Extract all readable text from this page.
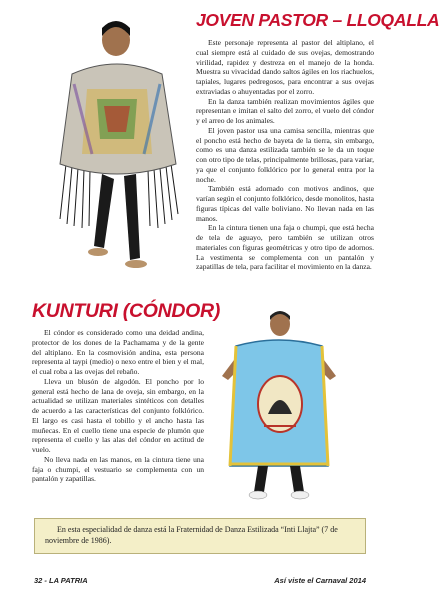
JOVEN PASTOR – LLOQALLA

Este personaje representa al pastor del altiplano, el cual siempre está al cuidado de sus ovejas, demostrando virilidad, rapidez y destreza en el manejo de la honda. Muestra su vivacidad dando saltos ágiles en los riachuelos, tapiales, lugares pedregosos, para encontrar a sus ovejas extraviadas o ahuyentadas por el zorro.

En la danza también realizan movimientos ágiles que representan e imitan el salto del zorro, el vuelo del cóndor y el arreo de los animales.

El joven pastor usa una camisa sencilla, mientras que el poncho está hecho de bayeta de la tierra, sin embargo, como es una danza estilizada también se le da un toque con otro tipo de telas, principalmente brillosas, para variar, ya que el conjunto folklórico por lo general entra por la noche.

También está adornado con motivos andinos, que varían según el conjunto folklórico, desde monolitos, hasta figuras típicas del valle boliviano. No llevan nada en las manos.

En la cintura tienen una faja o chumpi, que está hecha de tela de aguayo, pero también se utilizan otros materiales con figuras geométricas y otro tipo de adornos. La vestimenta se complementa con un pantalón y zapatillas de tela, para facilitar el movimiento en la danza.

KUNTURI (CÓNDOR)

El cóndor es considerado como una deidad andina, protector de los dones de la Pachamama y de la gente del altiplano. En la cosmovisión andina, esta persona representa al taypi (medio) o nexo entre el bien y el mal, el cual roba a las ovejas del rebaño.

Lleva un blusón de algodón. El poncho por lo general está hecho de lana de oveja, sin embargo, en la actualidad se utilizan materiales sintéticos con detalles de acuerdo a las características del conjunto folklórico. El largo es casi hasta el tobillo y el ancho hasta las muñecas. En el cuello tiene una especie de plumón que representa el cuello y las alas del cóndor en actitud de vuelo.

No lleva nada en las manos, en la cintura tiene una faja o chumpi, el vestuario se complementa con un pantalón y zapatillas.

En esta especialidad de danza está la Fraternidad de Danza Estilizada “Inti Llajta” (7 de noviembre de 1986).

32 - LA PATRIA	Así viste el Carnaval 2014
